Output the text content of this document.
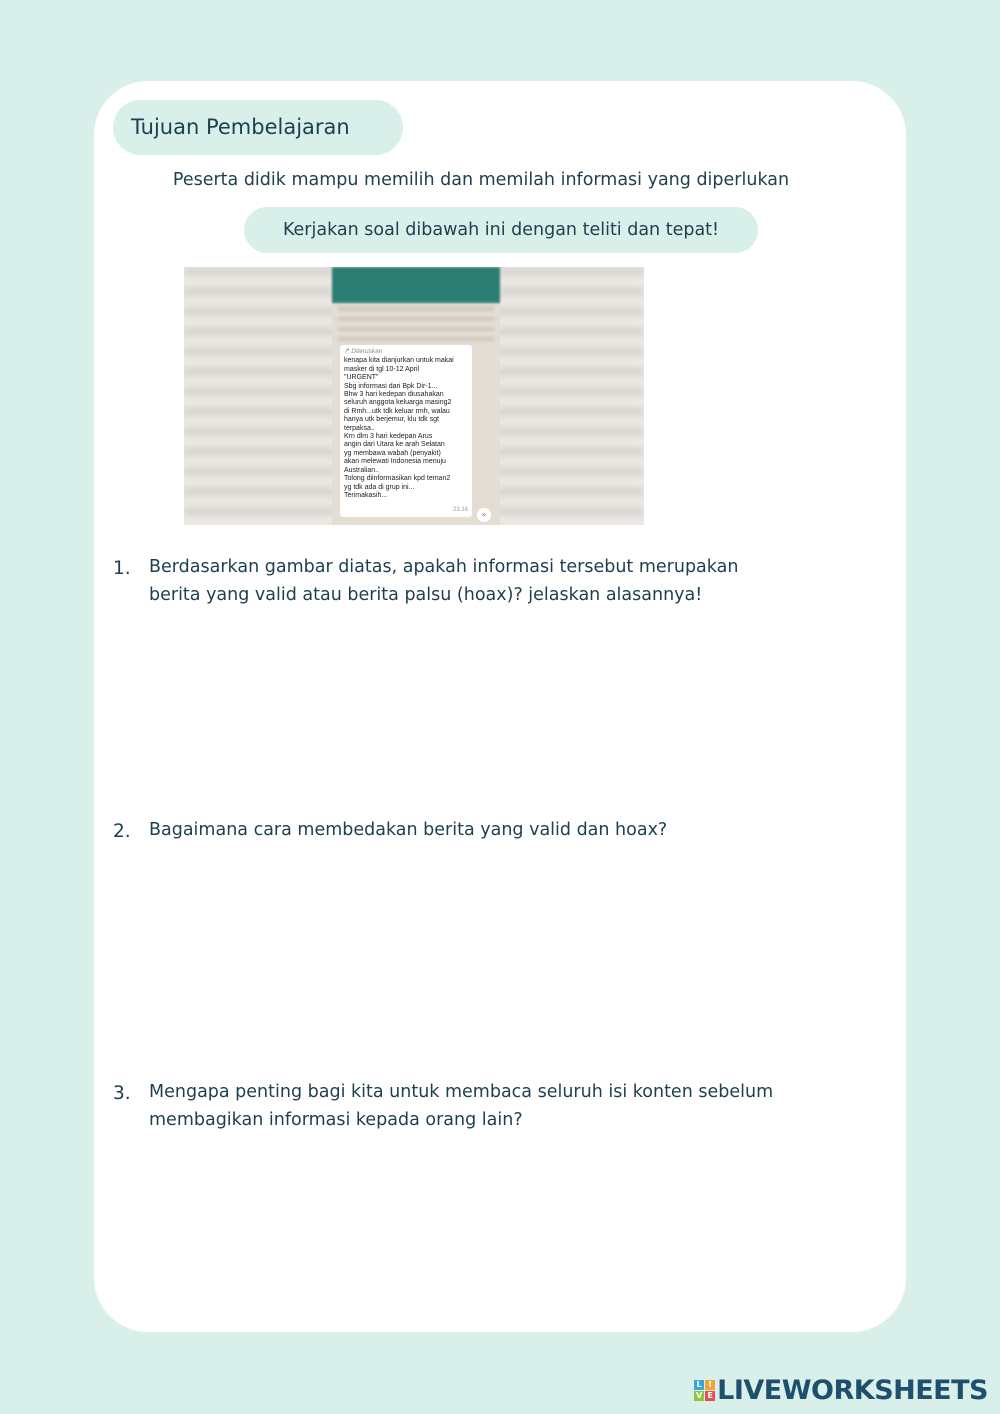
Tujuan Pembelajaran
Peserta didik mampu memilih dan memilah informasi yang diperlukan
Kerjakan soal dibawah ini dengan teliti dan tepat!
↱ Diteruskan
kenapa kita dianjurkan untuk makai
masker di tgl 10-12 April
"URGENT"
Sbg informasi dari Bpk Dir-1...
Bhw 3 hari kedepan diusahakan
seluruh anggota keluarga masing2
di Rmh...utk tdk keluar rmh, walau
hanya utk berjemur, klu tdk sgt
terpaksa..
Krn dlm 3 hari kedepan Arus
angin dari Utara ke arah Selatan
yg membawa wabah (penyakit)
akan melewati Indonesia menuju
Australian..
Tolong diinformasikan kpd teman2
yg tdk ada di grup ini...
Terimakasih...
23.16
»
1. Berdasarkan gambar diatas, apakah informasi tersebut merupakan
berita yang valid atau berita palsu (hoax)? jelaskan alasannya!
2. Bagaimana cara membedakan berita yang valid dan hoax?
3. Mengapa penting bagi kita untuk membaca seluruh isi konten sebelum
membagikan informasi kepada orang lain?
L I
V E LIVEWORKSHEETS
